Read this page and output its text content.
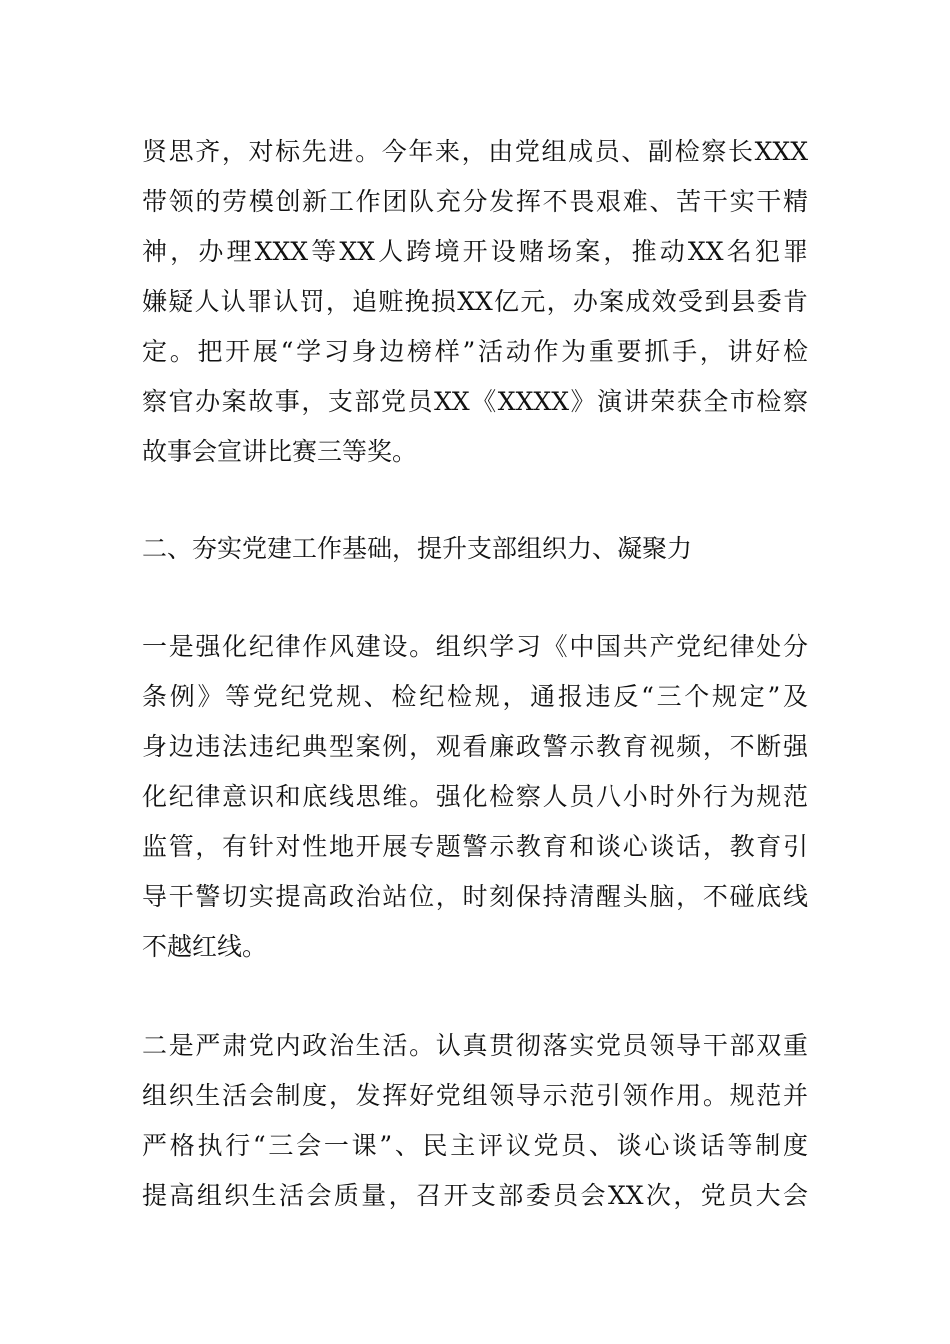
贤思齐，对标先进。今年来，由党组成员、副检察长XXX
带领的劳模创新工作团队充分发挥不畏艰难、苦干实干精
神，办理XXX等XX人跨境开设赌场案，推动XX名犯罪
嫌疑人认罪认罚，追赃挽损XX亿元，办案成效受到县委肯
定。把开展“学习身边榜样”活动作为重要抓手，讲好检
察官办案故事，支部党员XX《XXXX》演讲荣获全市检察
故事会宣讲比赛三等奖。
二、夯实党建工作基础，提升支部组织力、凝聚力
一是强化纪律作风建设。组织学习《中国共产党纪律处分
条例》等党纪党规、检纪检规，通报违反“三个规定”及
身边违法违纪典型案例，观看廉政警示教育视频，不断强
化纪律意识和底线思维。强化检察人员八小时外行为规范
监管，有针对性地开展专题警示教育和谈心谈话，教育引
导干警切实提高政治站位，时刻保持清醒头脑，不碰底线
不越红线。
二是严肃党内政治生活。认真贯彻落实党员领导干部双重
组织生活会制度，发挥好党组领导示范引领作用。规范并
严格执行“三会一课”、民主评议党员、谈心谈话等制度
提高组织生活会质量，召开支部委员会XX次，党员大会
